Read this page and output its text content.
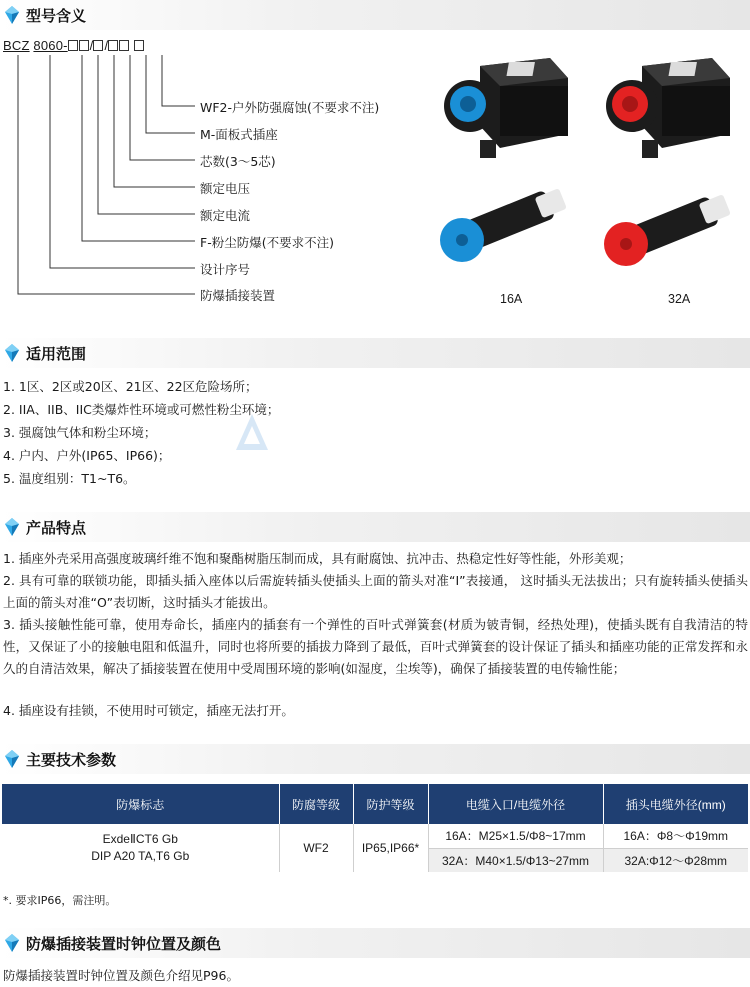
型号含义
BCZ 8060- / /
WF2-户外防强腐蚀(不要求不注)
M-面板式插座
芯数(3～5芯)
额定电压
额定电流
F-粉尘防爆(不要求不注)
设计序号
防爆插接装置	16A	32A
适用范围
1. 1区、2区或20区、21区、22区危险场所；
2. IIA、IIB、IIC类爆炸性环境或可燃性粉尘环境；
3. 强腐蚀气体和粉尘环境；
4. 户内、户外(IP65、IP66)；
5. 温度组别：T1~T6。
产品特点
1. 插座外壳采用高强度玻璃纤维不饱和聚酯树脂压制而成，具有耐腐蚀、抗冲击、热稳定性好等性能，外形美观；
2. 具有可靠的联锁功能，即插头插入座体以后需旋转插头使插头上面的箭头对准“I”表接通， 这时插头无法拔出；只有旋转插头使插头上面的箭头对准“O”表切断，这时插头才能拔出。
3. 插头接触性能可靠，使用寿命长，插座内的插套有一个弹性的百叶式弹簧套(材质为铍青铜，经热处理)，使插头既有自我清洁的特性，又保证了小的接触电阻和低温升，同时也将所要的插拔力降到了最低，百叶式弹簧套的设计保证了插头和插座功能的正常发挥和永久的自清洁效果，解决了插接装置在使用中受周围环境的影响(如湿度，尘埃等)，确保了插接装置的电传输性能；
4. 插座设有挂锁，不使用时可锁定，插座无法打开。
主要技术参数
防爆标志	防腐等级	防护等级	电缆入口/电缆外径	插头电缆外径(mm)

ExdeⅡCT6 Gb
DIP A20 TA,T6 Gb	WF2	IP65,IP66*	16A：M25×1.5/Φ8~17mm	16A：Φ8～Φ19mm
			32A：M40×1.5/Φ13~27mm	32A:Φ12～Φ28mm
*. 要求IP66，需注明。
防爆插接装置时钟位置及颜色
防爆插接装置时钟位置及颜色介绍见P96。
